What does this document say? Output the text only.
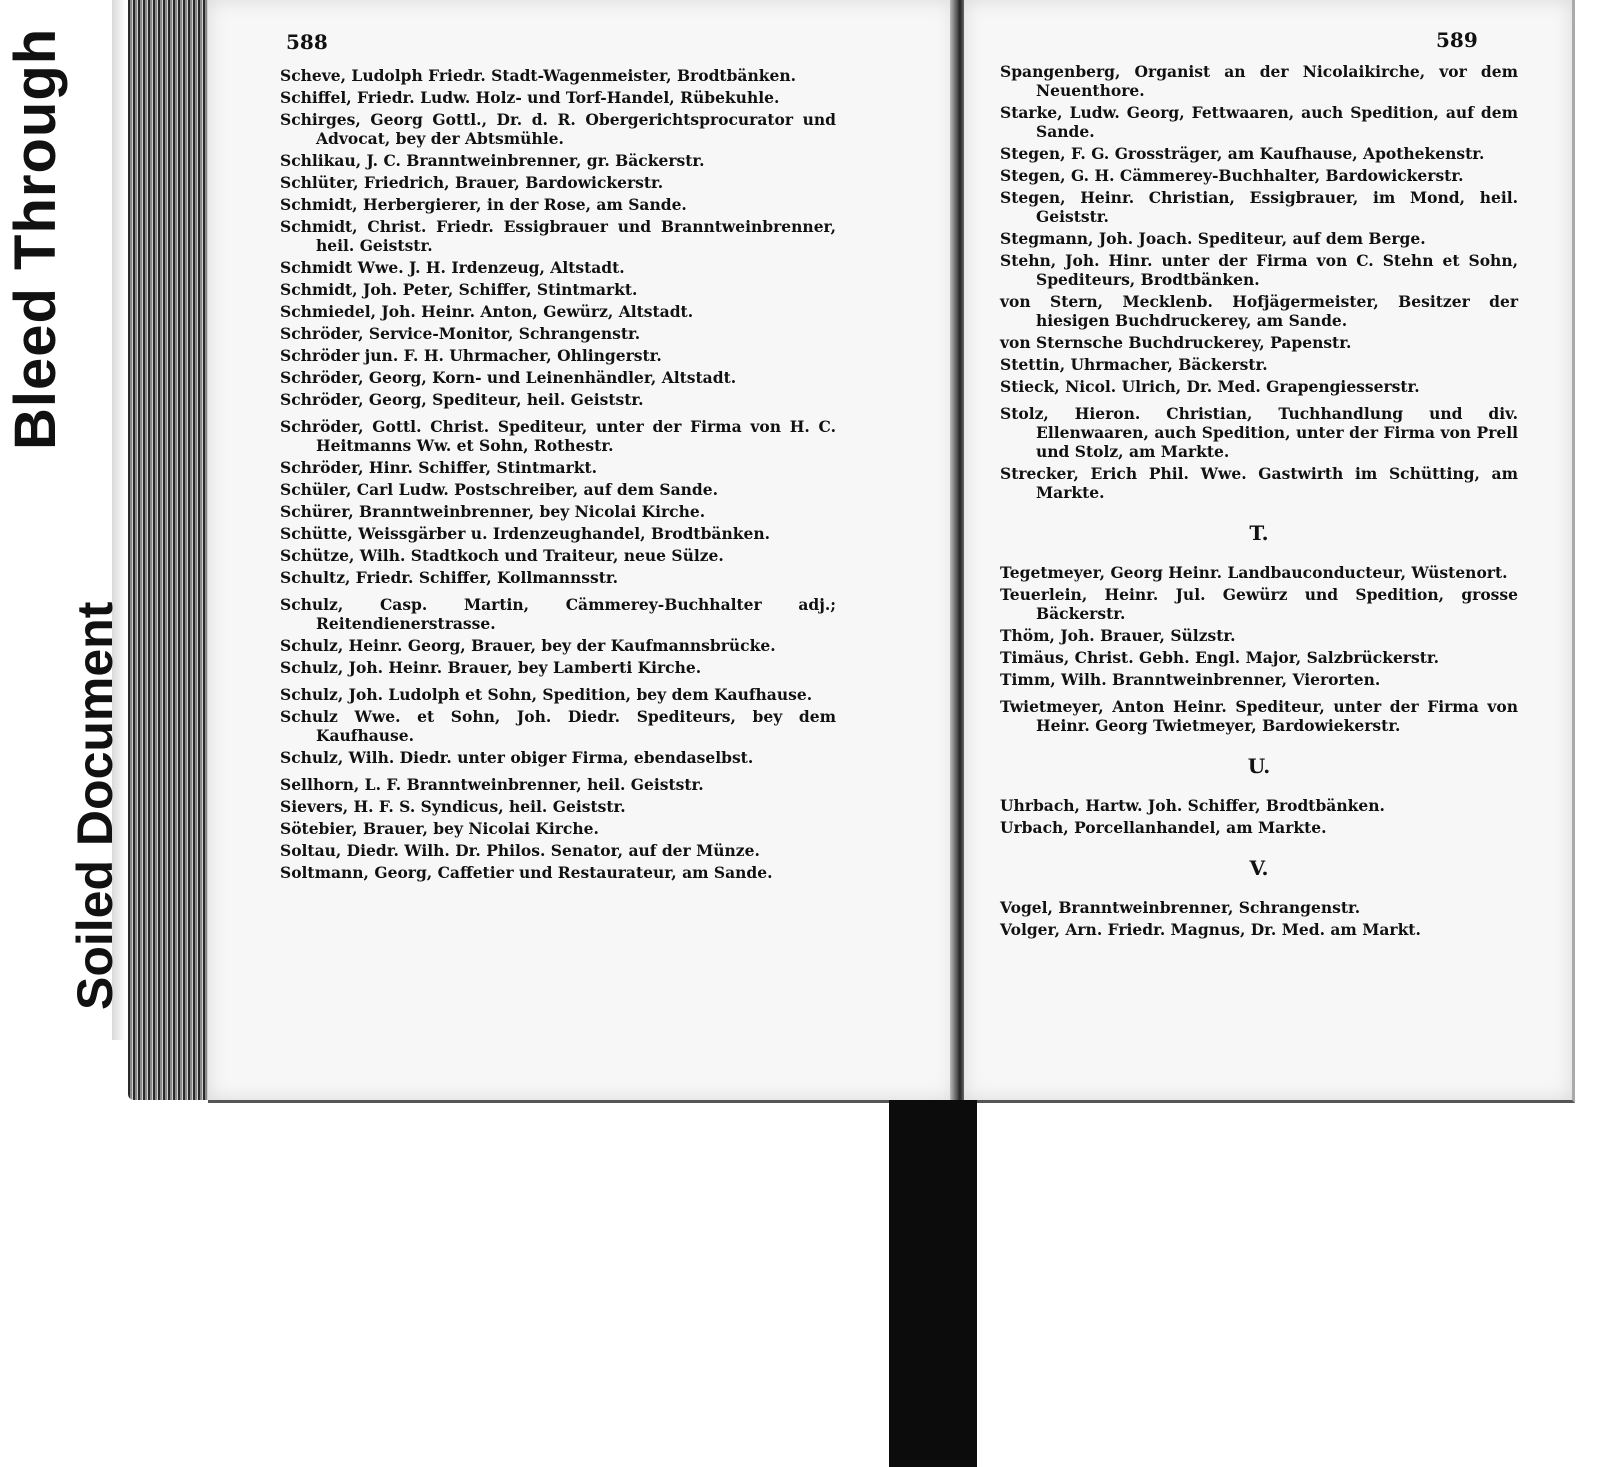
Bleed Through
Soiled Document
588

Scheve, Ludolph Friedr. Stadt-Wagenmeister, Brodtbänken.

Schiffel, Friedr. Ludw. Holz- und Torf-Handel, Rübekuhle.

Schirges, Georg Gottl., Dr. d. R. Obergerichtsprocurator und Advocat, bey der Abtsmühle.

Schlikau, J. C. Branntweinbrenner, gr. Bäckerstr.

Schlüter, Friedrich, Brauer, Bardowickerstr.

Schmidt, Herbergierer, in der Rose, am Sande.

Schmidt, Christ. Friedr. Essigbrauer und Branntweinbrenner, heil. Geiststr.

Schmidt Wwe. J. H. Irdenzeug, Altstadt.

Schmidt, Joh. Peter, Schiffer, Stintmarkt.

Schmiedel, Joh. Heinr. Anton, Gewürz, Altstadt.

Schröder, Service-Monitor, Schrangenstr.

Schröder jun. F. H. Uhrmacher, Ohlingerstr.

Schröder, Georg, Korn- und Leinenhändler, Altstadt.

Schröder, Georg, Spediteur, heil. Geiststr.

Schröder, Gottl. Christ. Spediteur, unter der Firma von H. C. Heitmanns Ww. et Sohn, Rothestr.

Schröder, Hinr. Schiffer, Stintmarkt.

Schüler, Carl Ludw. Postschreiber, auf dem Sande.

Schürer, Branntweinbrenner, bey Nicolai Kirche.

Schütte, Weissgärber u. Irdenzeughandel, Brodtbänken.

Schütze, Wilh. Stadtkoch und Traiteur, neue Sülze.

Schultz, Friedr. Schiffer, Kollmannsstr.

Schulz, Casp. Martin, Cämmerey-Buchhalter adj.; Reitendienerstrasse.

Schulz, Heinr. Georg, Brauer, bey der Kaufmannsbrücke.

Schulz, Joh. Heinr. Brauer, bey Lamberti Kirche.

Schulz, Joh. Ludolph et Sohn, Spedition, bey dem Kaufhause.

Schulz Wwe. et Sohn, Joh. Diedr. Spediteurs, bey dem Kaufhause.

Schulz, Wilh. Diedr. unter obiger Firma, ebendaselbst.

Sellhorn, L. F. Branntweinbrenner, heil. Geiststr.

Sievers, H. F. S. Syndicus, heil. Geiststr.

Sötebier, Brauer, bey Nicolai Kirche.

Soltau, Diedr. Wilh. Dr. Philos. Senator, auf der Münze.

Soltmann, Georg, Caffetier und Restaurateur, am Sande.

589

Spangenberg, Organist an der Nicolaikirche, vor dem Neuenthore.

Starke, Ludw. Georg, Fettwaaren, auch Spedition, auf dem Sande.

Stegen, F. G. Grossträger, am Kaufhause, Apothekenstr.

Stegen, G. H. Cämmerey-Buchhalter, Bardowickerstr.

Stegen, Heinr. Christian, Essigbrauer, im Mond, heil. Geiststr.

Stegmann, Joh. Joach. Spediteur, auf dem Berge.

Stehn, Joh. Hinr. unter der Firma von C. Stehn et Sohn, Spediteurs, Brodtbänken.

von Stern, Mecklenb. Hofjägermeister, Besitzer der hiesigen Buchdruckerey, am Sande.

von Sternsche Buchdruckerey, Papenstr.

Stettin, Uhrmacher, Bäckerstr.

Stieck, Nicol. Ulrich, Dr. Med. Grapengiesserstr.

Stolz, Hieron. Christian, Tuchhandlung und div. Ellenwaaren, auch Spedition, unter der Firma von Prell und Stolz, am Markte.

Strecker, Erich Phil. Wwe. Gastwirth im Schütting, am Markte.

T.

Tegetmeyer, Georg Heinr. Landbauconducteur, Wüstenort.

Teuerlein, Heinr. Jul. Gewürz und Spedition, grosse Bäckerstr.

Thöm, Joh. Brauer, Sülzstr.

Timäus, Christ. Gebh. Engl. Major, Salzbrückerstr.

Timm, Wilh. Branntweinbrenner, Vierorten.

Twietmeyer, Anton Heinr. Spediteur, unter der Firma von Heinr. Georg Twietmeyer, Bardowiekerstr.

U.

Uhrbach, Hartw. Joh. Schiffer, Brodtbänken.

Urbach, Porcellanhandel, am Markte.

V.

Vogel, Branntweinbrenner, Schrangenstr.

Volger, Arn. Friedr. Magnus, Dr. Med. am Markt.
